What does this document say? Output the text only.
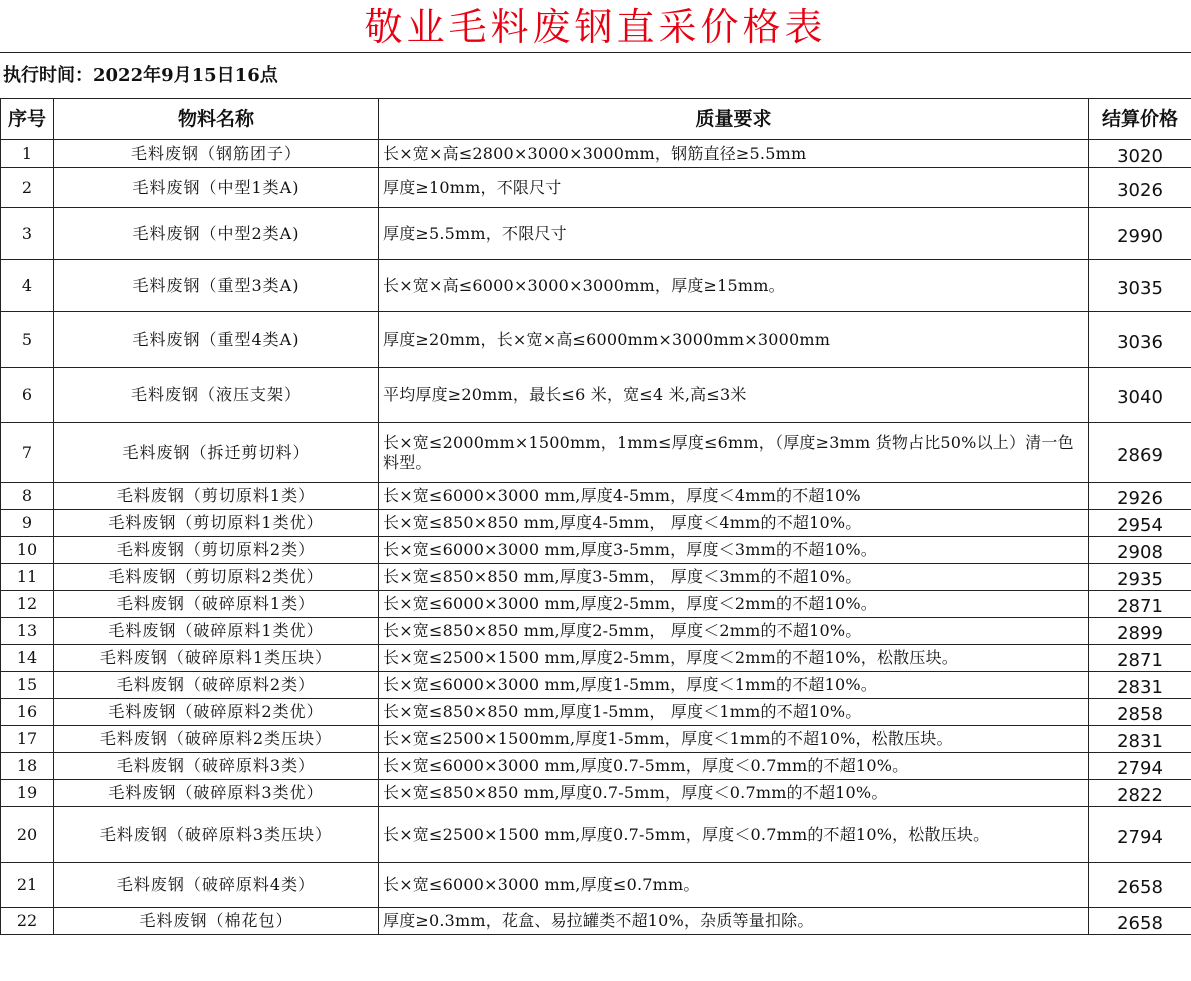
敬业毛料废钢直采价格表
执行时间：2022年9月15日16点
序号	物料名称	质量要求	结算价格
1	毛料废钢（钢筋团子）	长×宽×高≤2800×3000×3000mm，钢筋直径≥5.5mm	3020
2	毛料废钢（中型1类A)	厚度≥10mm，不限尺寸	3026
3	毛料废钢（中型2类A)	厚度≥5.5mm，不限尺寸	2990
4	毛料废钢（重型3类A)	长×宽×高≤6000×3000×3000mm，厚度≥15mm。	3035
5	毛料废钢（重型4类A)	厚度≥20mm，长×宽×高≤6000mm×3000mm×3000mm	3036
6	毛料废钢（液压支架）	平均厚度≥20mm，最长≤6 米，宽≤4 米,高≤3米	3040
7	毛料废钢（拆迁剪切料）	长×宽≤2000mm×1500mm，1mm≤厚度≤6mm，（厚度≥3mm 货物占比50%以上）清一色料型。	2869
8	毛料废钢（剪切原料1类）	长×宽≤6000×3000 mm,厚度4-5mm，厚度＜4mm的不超10%	2926
9	毛料废钢（剪切原料1类优）	长×宽≤850×850 mm,厚度4-5mm， 厚度＜4mm的不超10%。	2954
10	毛料废钢（剪切原料2类）	长×宽≤6000×3000 mm,厚度3-5mm，厚度＜3mm的不超10%。	2908
11	毛料废钢（剪切原料2类优）	长×宽≤850×850 mm,厚度3-5mm， 厚度＜3mm的不超10%。	2935
12	毛料废钢（破碎原料1类）	长×宽≤6000×3000 mm,厚度2-5mm，厚度＜2mm的不超10%。	2871
13	毛料废钢（破碎原料1类优）	长×宽≤850×850 mm,厚度2-5mm， 厚度＜2mm的不超10%。	2899
14	毛料废钢（破碎原料1类压块）	长×宽≤2500×1500 mm,厚度2-5mm，厚度＜2mm的不超10%，松散压块。	2871
15	毛料废钢（破碎原料2类）	长×宽≤6000×3000 mm,厚度1-5mm，厚度＜1mm的不超10%。	2831
16	毛料废钢（破碎原料2类优）	长×宽≤850×850 mm,厚度1-5mm， 厚度＜1mm的不超10%。	2858
17	毛料废钢（破碎原料2类压块）	长×宽≤2500×1500mm,厚度1-5mm，厚度＜1mm的不超10%，松散压块。	2831
18	毛料废钢（破碎原料3类）	长×宽≤6000×3000 mm,厚度0.7-5mm，厚度＜0.7mm的不超10%。	2794
19	毛料废钢（破碎原料3类优）	长×宽≤850×850 mm,厚度0.7-5mm，厚度＜0.7mm的不超10%。	2822
20	毛料废钢（破碎原料3类压块）	长×宽≤2500×1500 mm,厚度0.7-5mm，厚度＜0.7mm的不超10%，松散压块。	2794
21	毛料废钢（破碎原料4类）	长×宽≤6000×3000 mm,厚度≤0.7mm。	2658
22	毛料废钢（棉花包）	厚度≥0.3mm，花盒、易拉罐类不超10%，杂质等量扣除。	2658
